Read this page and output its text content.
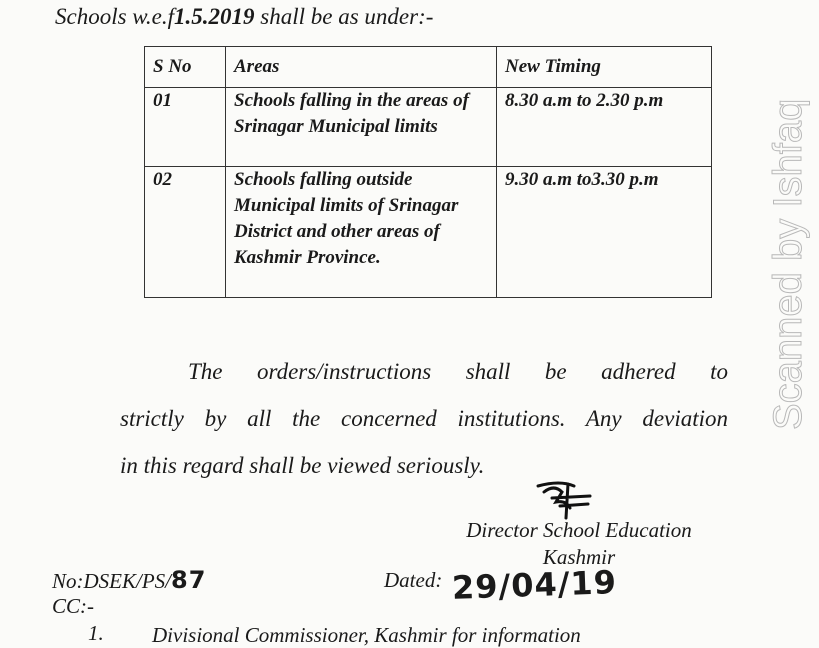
Schools w.e.f1.5.2019 shall be as under:-
S No	Areas	New Timing
01	Schools falling in the areas of Srinagar Municipal limits	8.30 a.m to 2.30 p.m
02	Schools falling outside Municipal limits of Srinagar District and other areas of Kashmir Province.	9.30 a.m to3.30 p.m
The orders/instructions shall be adhered to
strictly by all the concerned institutions. Any deviation
in this regard shall be viewed seriously.
Scanned by Ishfaq
Director School Education
Kashmir
No:DSEK/PS/87	Dated: 29/04/19
CC:-
1. Divisional Commissioner, Kashmir for information
